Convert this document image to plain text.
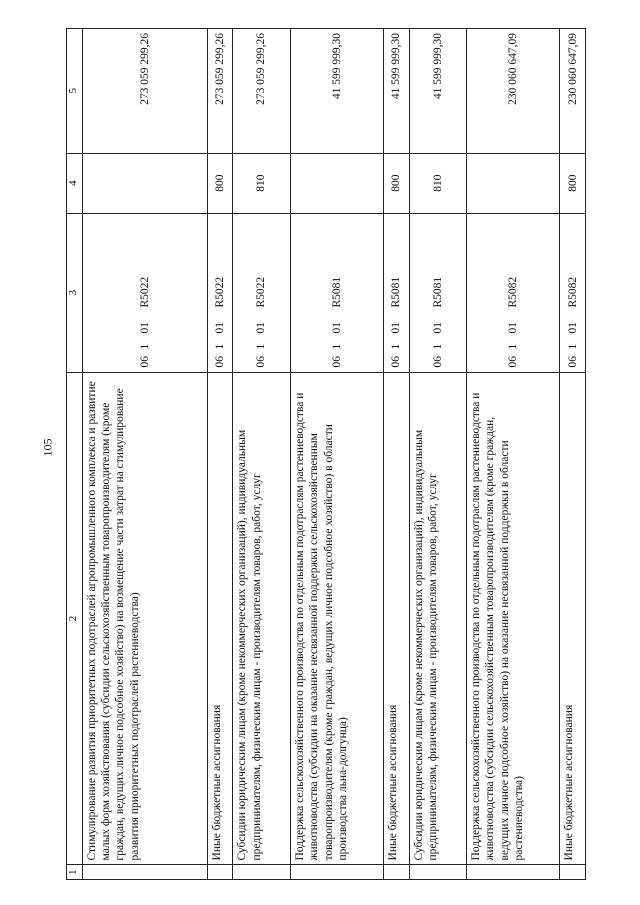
105
1	2	3	4	5
	Стимулирование развития приоритетных подотраслей агропромышленного комплекса и развитие малых форм хозяйствования (субсидии сельскохозяйственным товаропроизводителям (кроме граждан, ведущих личное подсобное хозяйство) на возмещение части затрат на стимулирование развития приоритетных подотраслей растениеводства)	06101R5022		273 059 299,26
	Иные бюджетные ассигнования	06101R5022	800	273 059 299,26
	Субсидии юридическим лицам (кроме некоммерческих организаций), индивидуальным предпринимателям, физическим лицам - производителям товаров, работ, услуг	06101R5022	810	273 059 299,26
	Поддержка сельскохозяйственного производства по отдельным подотраслям растениеводства и животноводства (субсидии на оказание несвязанной поддержки сельскохозяйственным товаропроизводителям (кроме граждан, ведущих личное подсобное хозяйство) в области производства льна-долгунца)	06101R5081		41 599 999,30
	Иные бюджетные ассигнования	06101R5081	800	41 599 999,30
	Субсидии юридическим лицам (кроме некоммерческих организаций), индивидуальным предпринимателям, физическим лицам - производителям товаров, работ, услуг	06101R5081	810	41 599 999,30
	Поддержка сельскохозяйственного производства по отдельным подотраслям растениеводства и животноводства (субсидии сельскохозяйственным товаропроизводителям (кроме граждан, ведущих личное подсобное хозяйство) на оказание несвязанной поддержки в области растениеводства)	06101R5082		230 060 647,09
	Иные бюджетные ассигнования	06101R5082	800	230 060 647,09
